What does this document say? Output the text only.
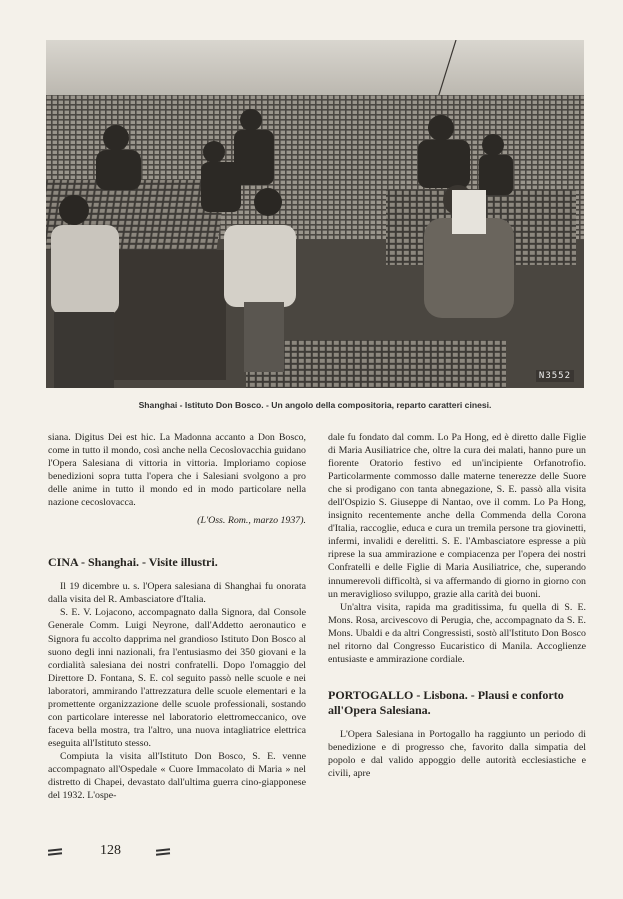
N3552
Shanghai - Istituto Don Bosco. - Un angolo della compositoria, reparto caratteri cinesi.

siana. Digitus Dei est hic. La Madonna accanto a Don Bosco, come in tutto il mondo, così anche nella Cecoslovacchia guidano l'Opera Salesiana di vittoria in vittoria. Imploriamo copiose benedizioni sopra tutta l'opera che i Salesiani svolgono a pro delle anime in tutto il mondo ed in modo particolare nella nazione cecoslovacca.

(L'Oss. Rom., marzo 1937).

CINA - Shanghai. - Visite illustri.

Il 19 dicembre u. s. l'Opera salesiana di Shanghai fu onorata dalla visita del R. Ambasciatore d'Italia.

S. E. V. Lojacono, accompagnato dalla Signora, dal Console Generale Comm. Luigi Neyrone, dall'Addetto aeronautico e Signora fu accolto dapprima nel grandioso Istituto Don Bosco al suono degli inni nazionali, fra l'entusiasmo dei 350 giovani e la cordialità salesiana dei nostri confratelli. Dopo l'omaggio del Direttore D. Fontana, S. E. col seguito passò nelle scuole e nei laboratori, ammirando l'attrezzatura delle scuole elementari e la promettente organizzazione delle scuole professionali, sostando con particolare interesse nel laboratorio elettromeccanico, ove faceva bella mostra, tra l'altro, una nuova intagliatrice elettrica eseguita all'Istituto stesso.

Compiuta la visita all'Istituto Don Bosco, S. E. venne accompagnato all'Ospedale « Cuore Immacolato di Maria » nel distretto di Chapei, devastato dall'ultima guerra cino-giapponese del 1932. L'ospe-

dale fu fondato dal comm. Lo Pa Hong, ed è diretto dalle Figlie di Maria Ausiliatrice che, oltre la cura dei malati, hanno pure un fiorente Oratorio festivo ed un'incipiente Orfanotrofio. Particolarmente commosso dalle materne tenerezze delle Suore che si prodigano con tanta abnegazione, S. E. passò alla visita dell'Ospizio S. Giuseppe di Nantao, ove il comm. Lo Pa Hong, insignito recentemente anche della Commenda della Corona d'Italia, raccoglie, educa e cura un tremila persone tra giovinetti, infermi, invalidi e derelitti. S. E. l'Ambasciatore espresse a più riprese la sua ammirazione e compiacenza per l'opera dei nostri Confratelli e delle Figlie di Maria Ausiliatrice, che, superando innumerevoli difficoltà, si va affermando di giorno in giorno con un meraviglioso sviluppo, grazie alla carità dei buoni.

Un'altra visita, rapida ma graditissima, fu quella di S. E. Mons. Rosa, arcivescovo di Perugia, che, accompagnato da S. E. Mons. Ubaldi e da altri Congressisti, sostò all'Istituto Don Bosco nel ritorno dal Congresso Eucaristico di Manila. Accoglienze entusiaste e ammirazione cordiale.

PORTOGALLO - Lisbona. - Plausi e conforto all'Opera Salesiana.

L'Opera Salesiana in Portogallo ha raggiunto un periodo di benedizione e di progresso che, favorito dalla simpatia del popolo e dal valido appoggio delle autorità ecclesiastiche e civili, apre

128
